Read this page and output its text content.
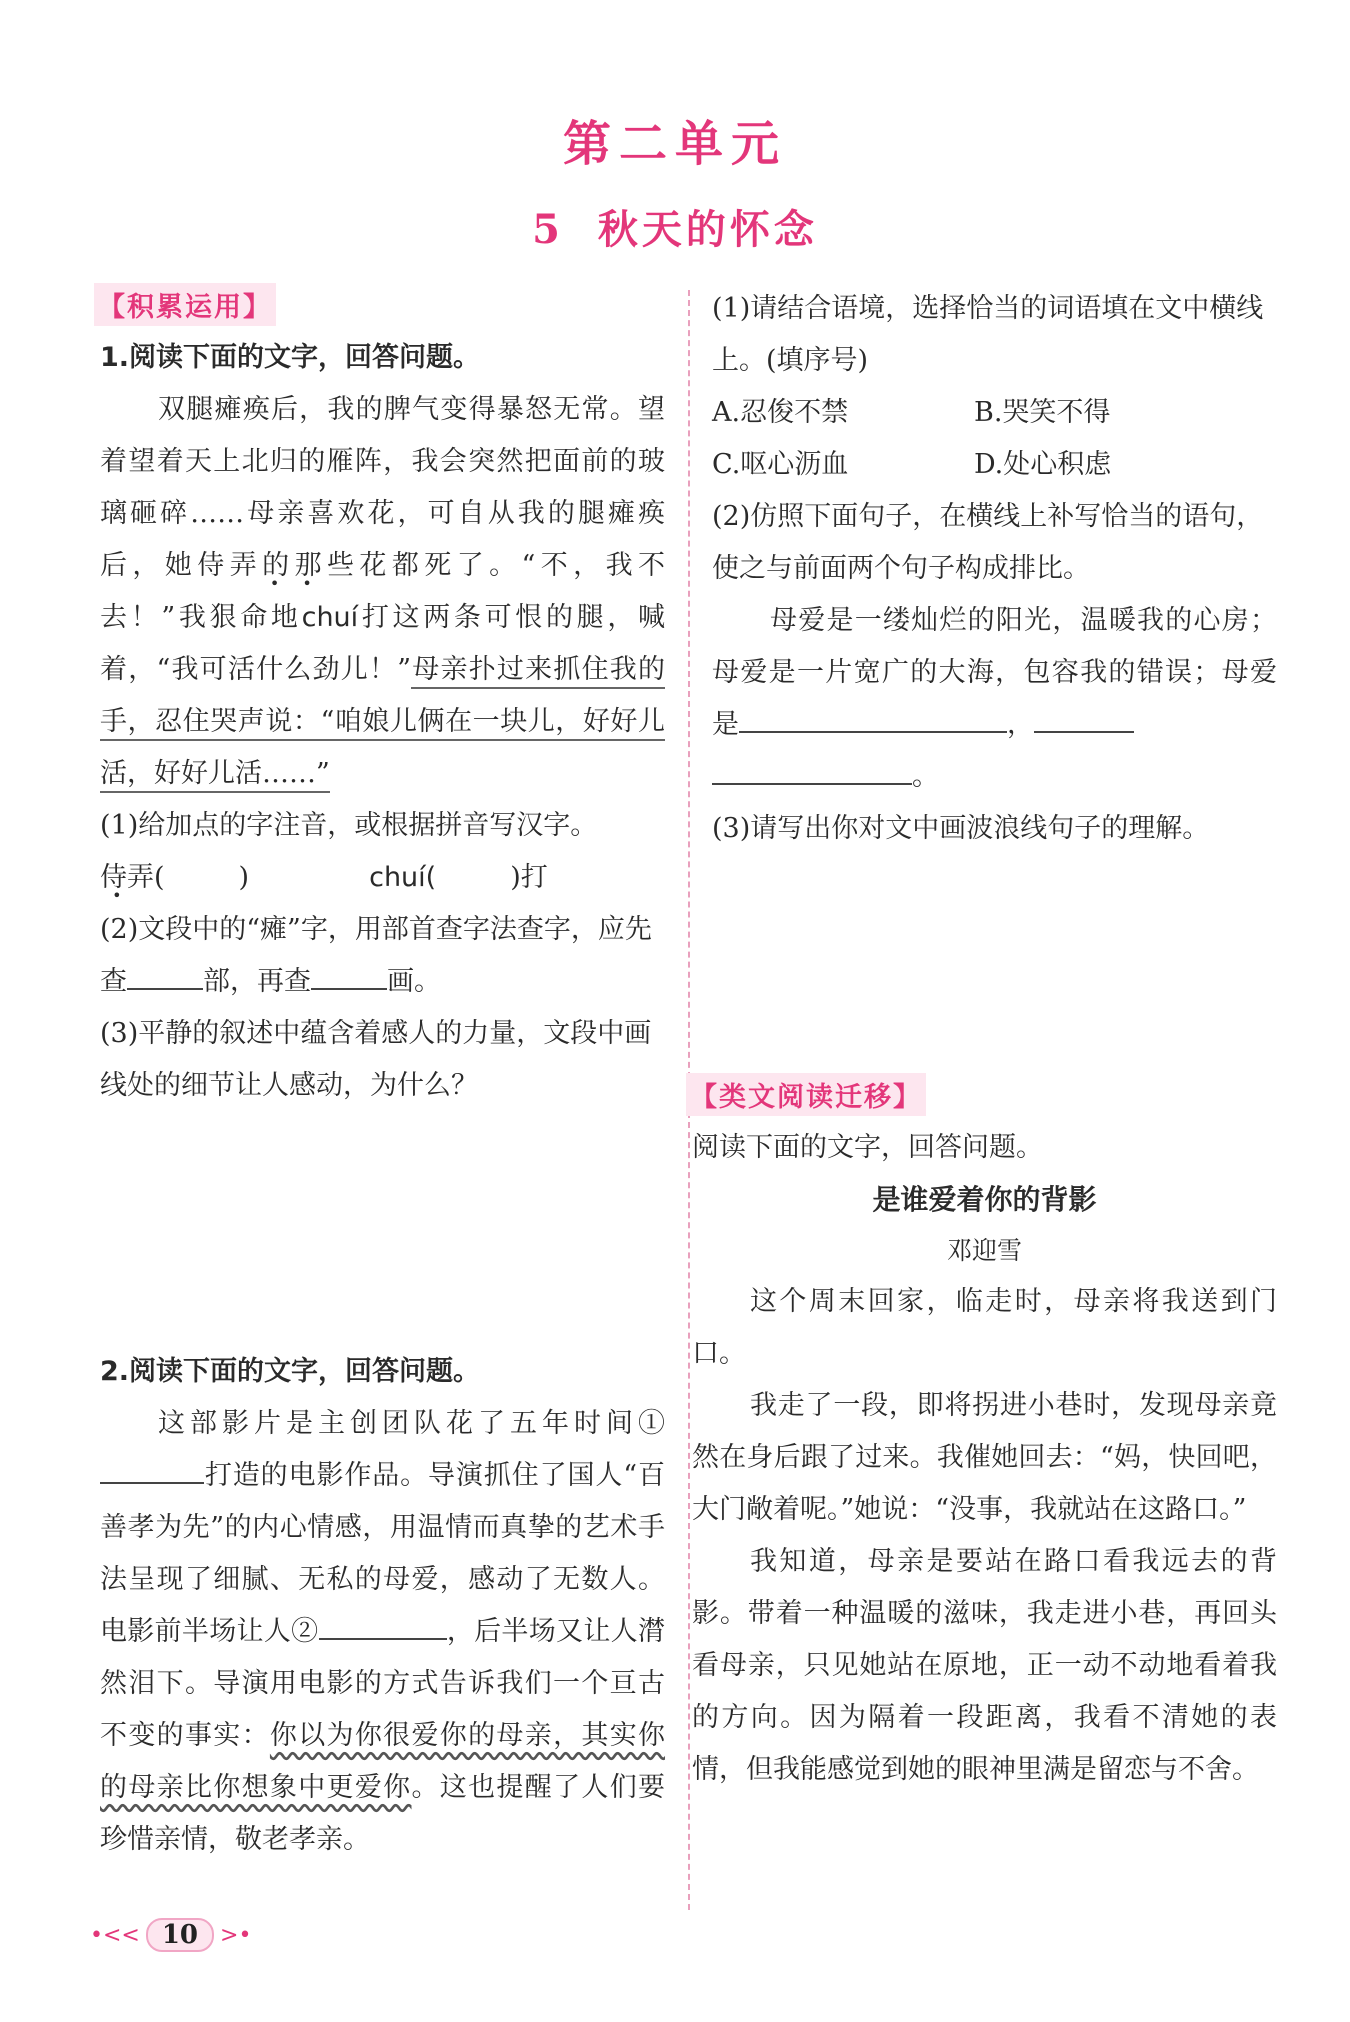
第二单元
5 秋天的怀念
【积累运用】

1.阅读下面的文字，回答问题。

双腿瘫痪后，我的脾气变得暴怒无常。望着望着天上北归的雁阵，我会突然把面前的玻璃砸碎……母亲喜欢花，可自从我的腿瘫痪后，她侍 •弄 •的那些花都死了。“不，我不去！”我狠命地chuí打这两条可恨的腿，喊着，“我可活什么劲儿！”母亲扑过来抓住我的手，忍住哭声说：“咱娘儿俩在一块儿，好好儿活，好好儿活……”

(1)给加点的字注音，或根据拼音写汉字。

侍弄(	)	chuí(	)打

(2)文段中的“瘫”字，用部首查字法查字，应先查	部，再查	画。

(3)平静的叙述中蕴含着感人的力量，文段中画线处的细节让人感动，为什么？

2.阅读下面的文字，回答问题。

这部影片是主创团队花了五年时间①打造的电影作品。导演抓住了国人“百善孝为先”的内心情感，用温情而真挚的艺术手法呈现了细腻、无私的母爱，感动了无数人。电影前半场让人②	，后半场又让人潸然泪下。导演用电影的方式告诉我们一个亘古不变的事实：你以为你很爱你的母亲，其实你的母亲比你想象中更爱你。这也提醒了人们要珍惜亲情，敬老孝亲。

(1)请结合语境，选择恰当的词语填在文中横线上。(填序号)

A.忍俊不禁	B.哭笑不得

C.呕心沥血	D.处心积虑

(2)仿照下面句子，在横线上补写恰当的语句，使之与前面两个句子构成排比。

母爱是一缕灿烂的阳光，温暖我的心房；母爱是一片宽广的大海，包容我的错误；母爱是	，
。

(3)请写出你对文中画波浪线句子的理解。

【类文阅读迁移】

阅读下面的文字，回答问题。

是谁爱着你的背影
邓迎雪

这个周末回家，临走时，母亲将我送到门口。

我走了一段，即将拐进小巷时，发现母亲竟然在身后跟了过来。我催她回去：“妈，快回吧，大门敞着呢。”她说：“没事，我就站在这路口。”

我知道，母亲是要站在路口看我远去的背影。带着一种温暖的滋味，我走进小巷，再回头看母亲，只见她站在原地，正一动不动地看着我的方向。因为隔着一段距离，我看不清她的表情，但我能感觉到她的眼神里满是留恋与不舍。

•<< 10	>•
